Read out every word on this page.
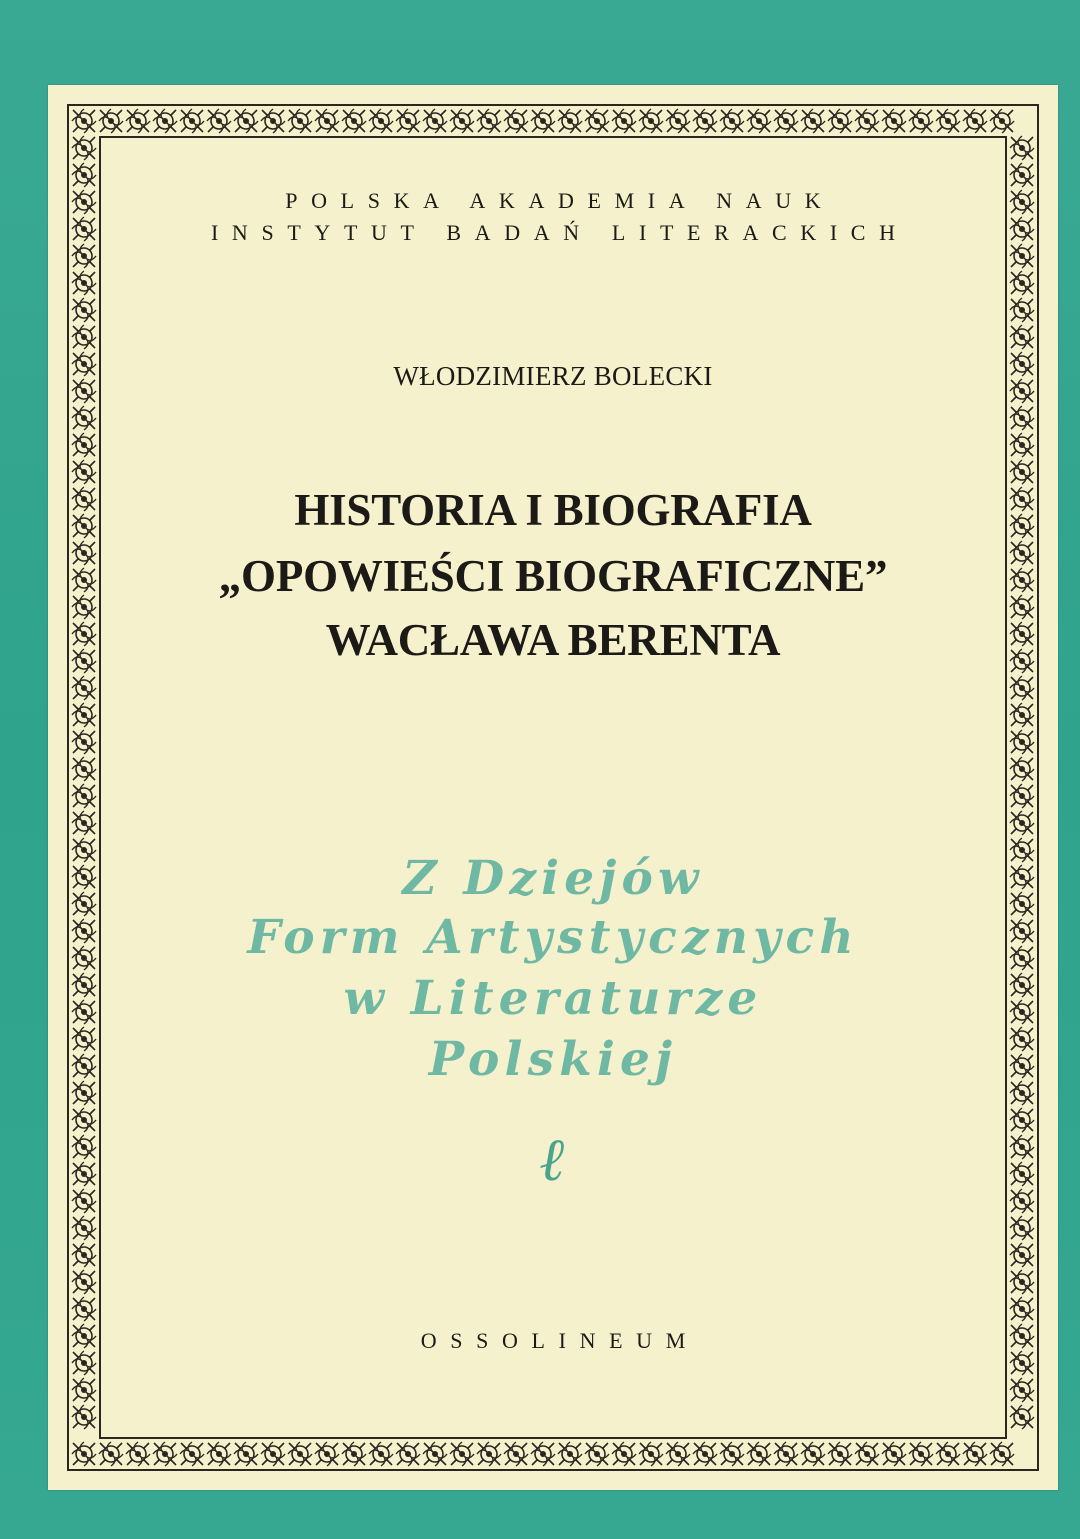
POLSKA AKADEMIA NAUK

INSTYTUT BADAŃ LITERACKICH

WŁODZIMIERZ BOLECKI

HISTORIA I BIOGRAFIA

„OPOWIEŚCI BIOGRAFICZNE”

WACŁAWA BERENTA

Z Dziejów

Form Artystycznych

w Literaturze

Polskiej

ℓ

OSSOLINEUM
